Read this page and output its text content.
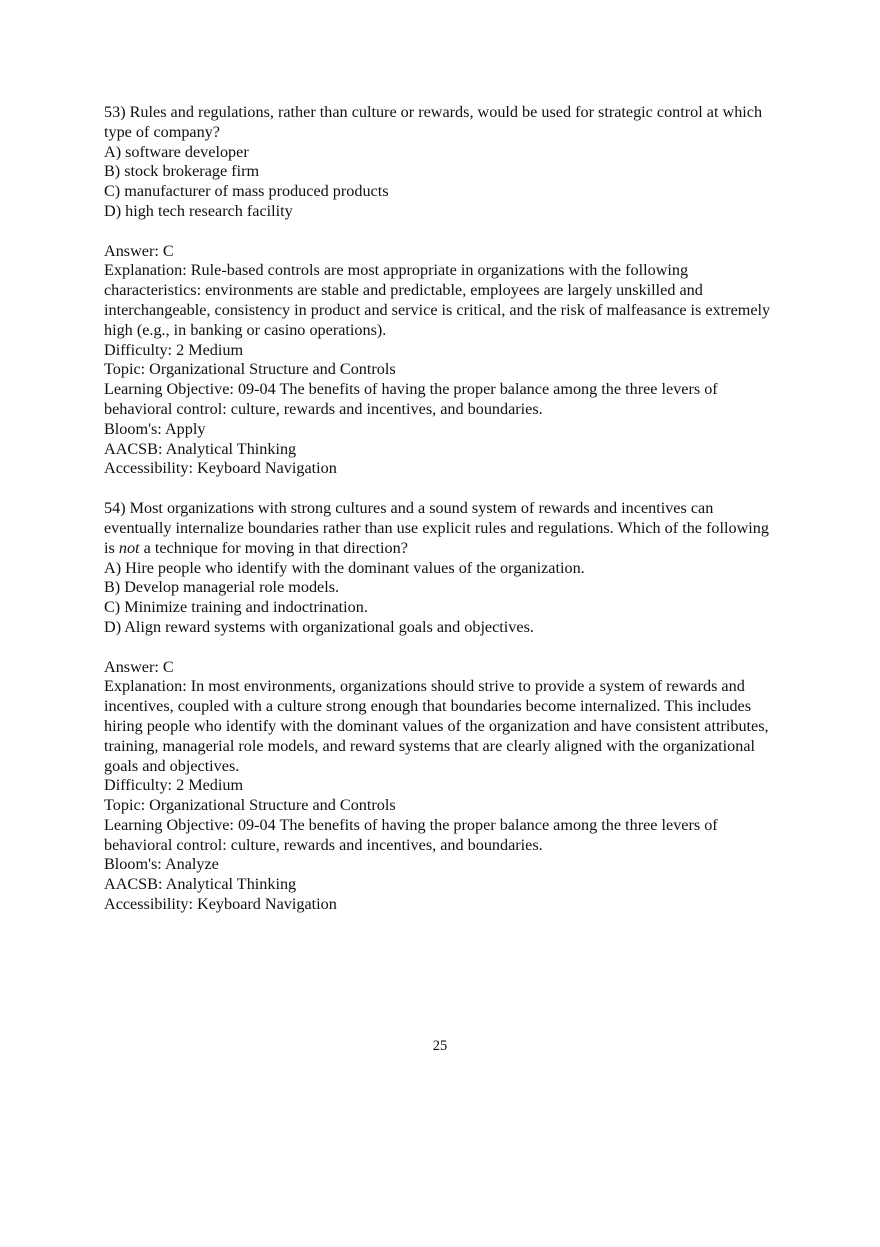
53) Rules and regulations, rather than culture or rewards, would be used for strategic control at which type of company?

A) software developer

B) stock brokerage firm

C) manufacturer of mass produced products

D) high tech research facility

Answer: C

Explanation: Rule-based controls are most appropriate in organizations with the following characteristics: environments are stable and predictable, employees are largely unskilled and interchangeable, consistency in product and service is critical, and the risk of malfeasance is extremely high (e.g., in banking or casino operations).

Difficulty: 2 Medium

Topic: Organizational Structure and Controls

Learning Objective: 09-04 The benefits of having the proper balance among the three levers of behavioral control: culture, rewards and incentives, and boundaries.

Bloom's: Apply

AACSB: Analytical Thinking

Accessibility: Keyboard Navigation

54) Most organizations with strong cultures and a sound system of rewards and incentives can eventually internalize boundaries rather than use explicit rules and regulations. Which of the following is not a technique for moving in that direction?

A) Hire people who identify with the dominant values of the organization.

B) Develop managerial role models.

C) Minimize training and indoctrination.

D) Align reward systems with organizational goals and objectives.

Answer: C

Explanation: In most environments, organizations should strive to provide a system of rewards and incentives, coupled with a culture strong enough that boundaries become internalized. This includes hiring people who identify with the dominant values of the organization and have consistent attributes, training, managerial role models, and reward systems that are clearly aligned with the organizational goals and objectives.

Difficulty: 2 Medium

Topic: Organizational Structure and Controls

Learning Objective: 09-04 The benefits of having the proper balance among the three levers of behavioral control: culture, rewards and incentives, and boundaries.

Bloom's: Analyze

AACSB: Analytical Thinking

Accessibility: Keyboard Navigation

25
